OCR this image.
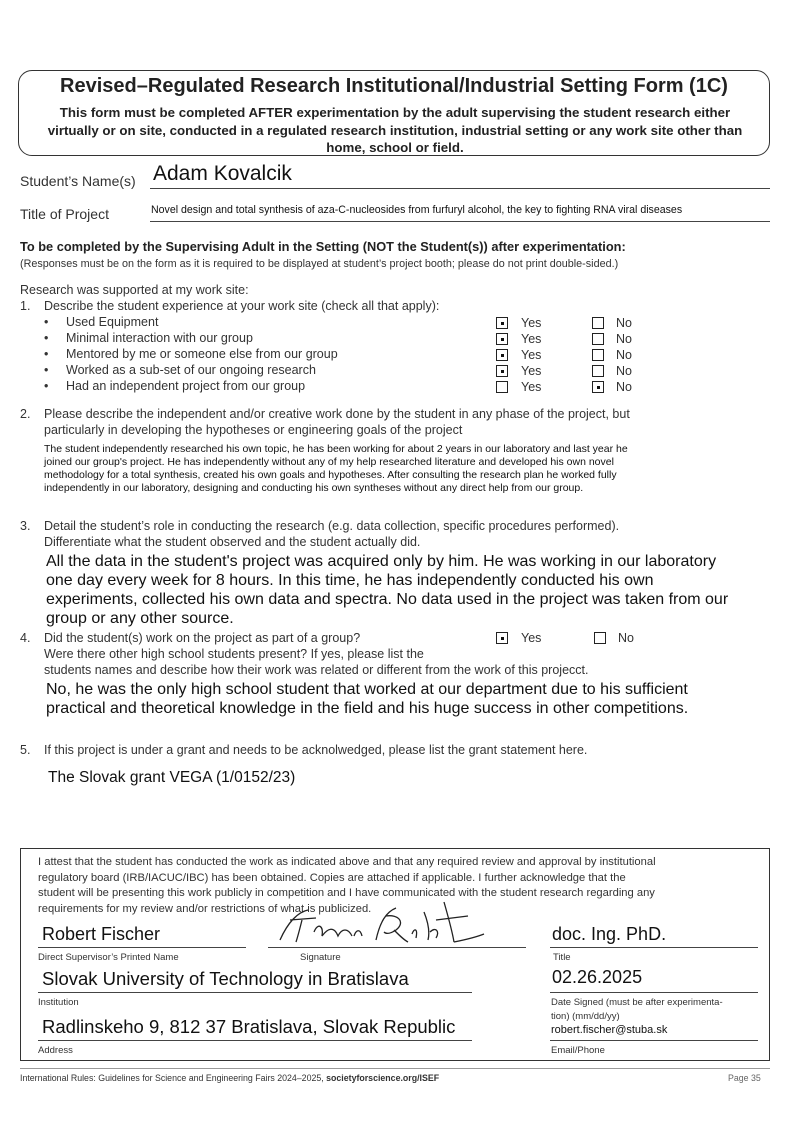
Revised–Regulated Research Institutional/Industrial Setting Form (1C)
This form must be completed AFTER experimentation by the adult supervising the student research either virtually or on site, conducted in a regulated research institution, industrial setting or any work site other than home, school or field.
Student’s Name(s) Adam Kovalcik
Title of Project	Novel design and total synthesis of aza-C-nucleosides from furfuryl alcohol, the key to fighting RNA viral diseases
To be completed by the Supervising Adult in the Setting (NOT the Student(s)) after experimentation:
(Responses must be on the form as it is required to be displayed at student’s project booth; please do not print double-sided.)
Research was supported at my work site:
1. Describe the student experience at your work site (check all that apply):
• Used Equipment	Yes	No
• Minimal interaction with our group	Yes	No
• Mentored by me or someone else from our group	Yes	No
• Worked as a sub-set of our ongoing research	Yes	No
• Had an independent project from our group	Yes	No
2. Please describe the independent and/or creative work done by the student in any phase of the project, but
particularly in developing the hypotheses or engineering goals of the project
The student independently researched his own topic, he has been working for about 2 years in our laboratory and last year he
joined our group's project. He has independently without any of my help researched literature and developed his own novel
methodology for a total synthesis, created his own goals and hypotheses. After consulting the research plan he worked fully
independently in our laboratory, designing and conducting his own syntheses without any direct help from our group.
3. Detail the student’s role in conducting the research (e.g. data collection, specific procedures performed).
Differentiate what the student observed and the student actually did.
All the data in the student's project was acquired only by him. He was working in our laboratory
one day every week for 8 hours. In this time, he has independently conducted his own
experiments, collected his own data and spectra. No data used in the project was taken from our
group or any other source.
4. Did the student(s) work on the project as part of a group?	Yes	No
Were there other high school students present? If yes, please list the
students names and describe how their work was related or different from the work of this projecct.
No, he was the only high school student that worked at our department due to his sufficient
practical and theoretical knowledge in the field and his huge success in other competitions.
5. If this project is under a grant and needs to be acknolwedged, please list the grant statement here.
The Slovak grant VEGA (1/0152/23)
I attest that the student has conducted the work as indicated above and that any required review and approval by institutional
regulatory board (IRB/IACUC/IBC) has been obtained. Copies are attached if applicable. I further acknowledge that the
student will be presenting this work publicly in competition and I have communicated with the student research regarding any
requirements for my review and/or restrictions of what is publicized.
Robert Fischer
Direct Supervisor’s Printed Name	Signature
doc. Ing. PhD.
Title
Slovak University of Technology in Bratislava
Institution
02.26.2025
Date Signed (must be after experimenta-
tion) (mm/dd/yy)
Radlinskeho 9, 812 37 Bratislava, Slovak Republic
Address
robert.fischer@stuba.sk
Email/Phone
International Rules: Guidelines for Science and Engineering Fairs 2024–2025, societyforscience.org/ISEF	Page 35
